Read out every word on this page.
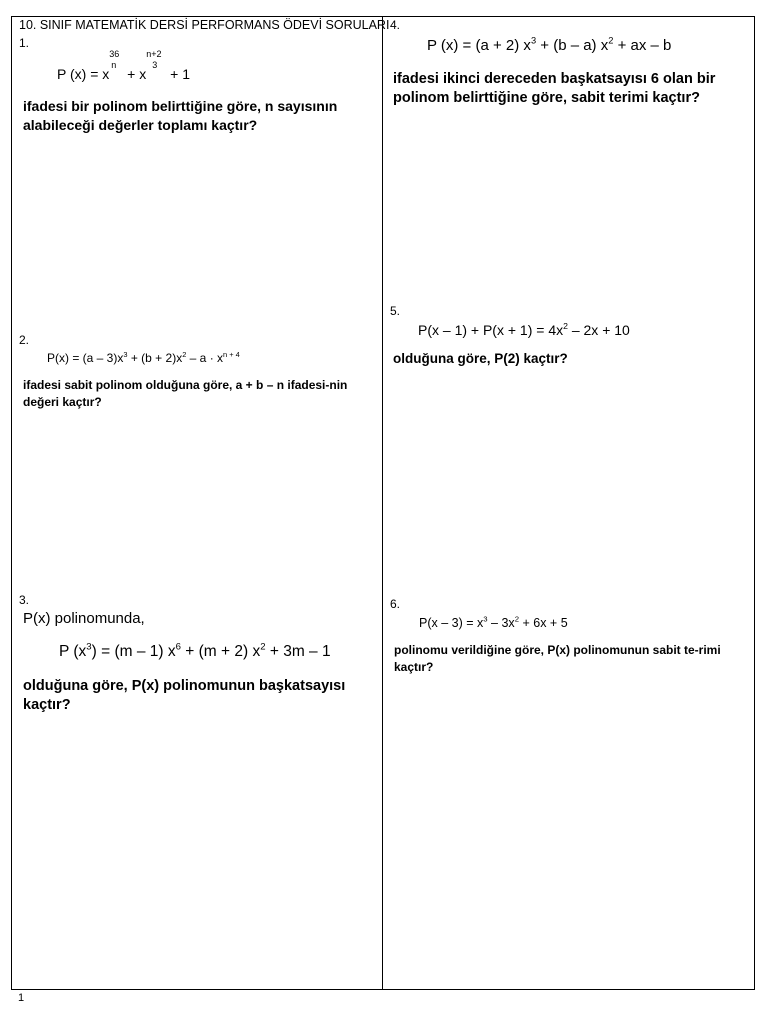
10. SINIF MATEMATİK DERSİ PERFORMANS ÖDEVİ SORULARI
1.
P (x) = x
36
n
+ x
n+2
3
+ 1
ifadesi bir polinom belirttiğine göre, n sayısının alabileceği değerler toplamı kaçtır?
2.
$P(x) = (a - 3)x^3 + (b + 2)x^2 - a \cdot x^{n + 4}$
ifadesi sabit polinom olduğuna göre, a + b – n ifadesi-nin değeri kaçtır?
3.
P(x) polinomunda,
P $(x^3) = (m - 1) x^6 + (m + 2) x^2 + 3m - 1$
olduğuna göre, P(x) polinomunun başkatsayısı kaçtır?
4.
P (x) = (a + 2) $x^3 + (b - a) x^2$ + ax – b
ifadesi ikinci dereceden başkatsayısı 6 olan bir polinom belirttiğine göre, sabit terimi kaçtır?
5.
$P(x - 1) + P(x + 1) = 4x^2 - 2x + 10$
olduğuna göre, P(2) kaçtır?
6.
$P(x - 3) = x^3 - 3x^2 + 6x + 5$
polinomu verildiğine göre, P(x) polinomunun sabit te-rimi kaçtır?
1
